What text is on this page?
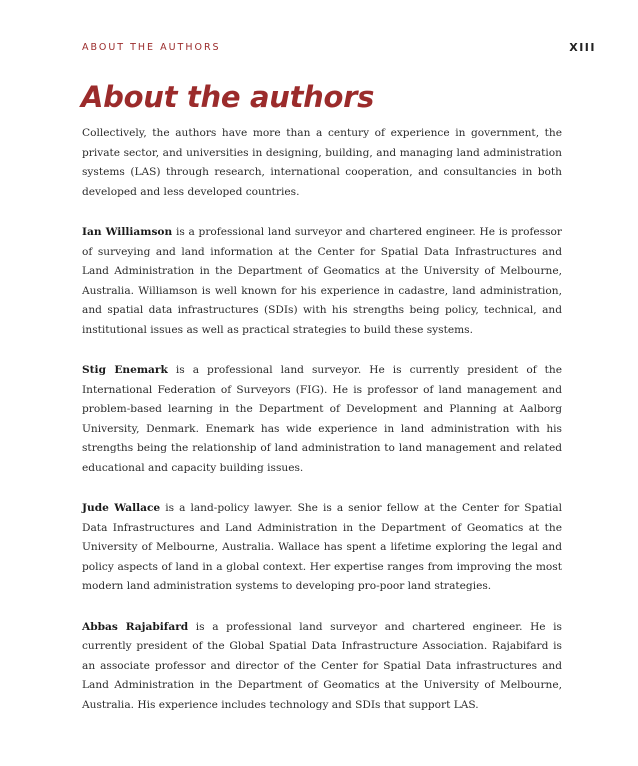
ABOUT THE AUTHORS	XIII
About the authors

Collectively, the authors have more than a century of experience in government, the private sector, and universities in designing, building, and managing land administration systems (LAS) through research, international cooperation, and consultancies in both developed and less developed countries.

Ian Williamson is a professional land surveyor and chartered engineer. He is professor of surveying and land information at the Center for Spatial Data Infrastructures and Land Administration in the Department of Geomatics at the University of Melbourne, Australia. Williamson is well known for his experience in cadastre, land administration, and spatial data infrastructures (SDIs) with his strengths being policy, technical, and institutional issues as well as practical strategies to build these systems.

Stig Enemark is a professional land surveyor. He is currently president of the International Federation of Surveyors (FIG). He is professor of land management and problem-based learning in the Department of Development and Planning at Aalborg University, Denmark. Enemark has wide experience in land administration with his strengths being the relationship of land administration to land management and related educational and capacity building issues.

Jude Wallace is a land-policy lawyer. She is a senior fellow at the Center for Spatial Data Infrastructures and Land Administration in the Department of Geomatics at the University of Melbourne, Australia. Wallace has spent a lifetime exploring the legal and policy aspects of land in a global context. Her expertise ranges from improving the most modern land administration systems to developing pro-poor land strategies.

Abbas Rajabifard is a professional land surveyor and chartered engineer. He is currently president of the Global Spatial Data Infrastructure Association. Rajabifard is an associate professor and director of the Center for Spatial Data infrastructures and Land Administration in the Department of Geomatics at the University of Melbourne, Australia. His experience includes technology and SDIs that support LAS.
